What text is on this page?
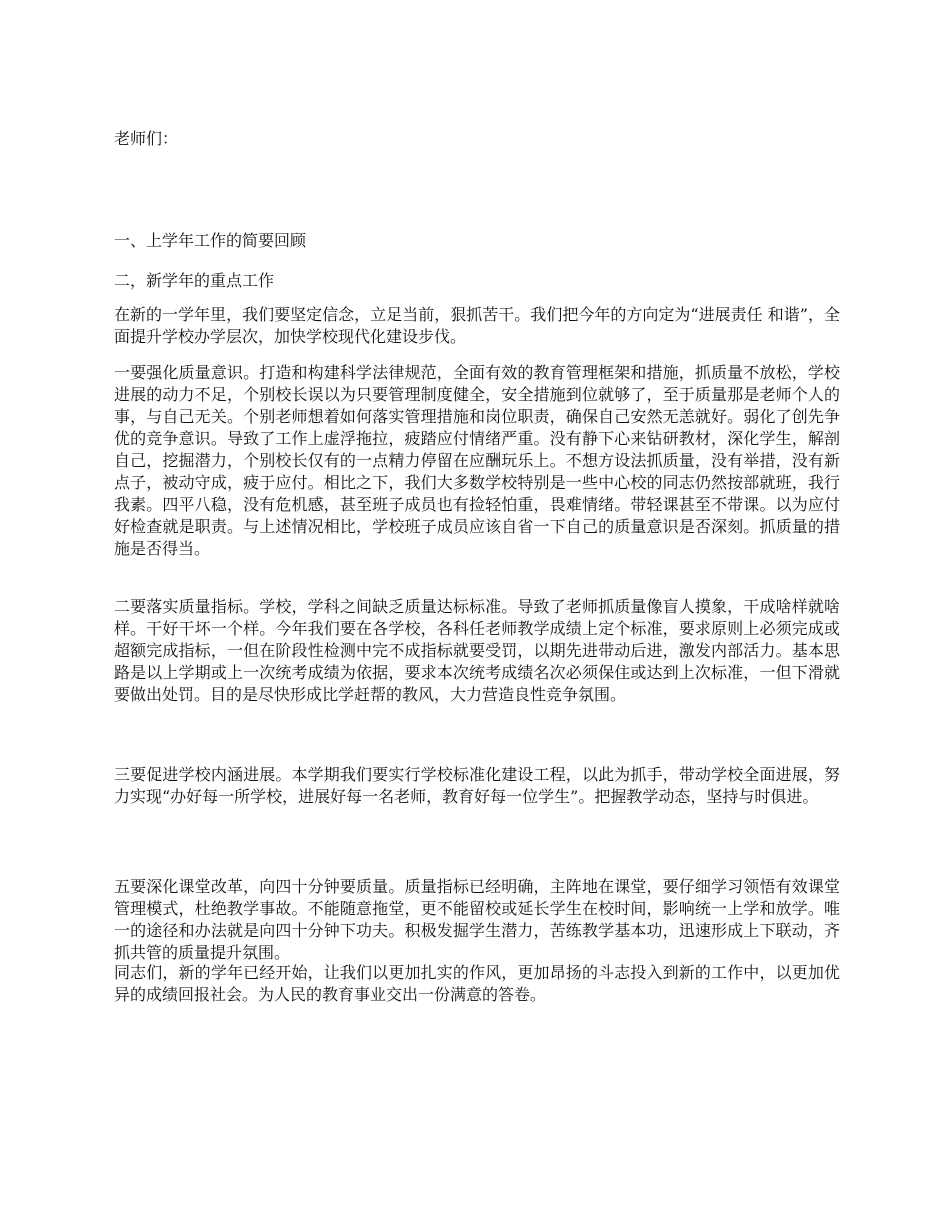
老师们：

一、上学年工作的简要回顾

二，新学年的重点工作

在新的一学年里，我们要坚定信念，立足当前，狠抓苦干。我们把今年的方向定为“进展责任 和谐”，全面提升学校办学层次，加快学校现代化建设步伐。

一要强化质量意识。打造和构建科学法律规范，全面有效的教育管理框架和措施，抓质量不放松，学校进展的动力不足，个别校长误以为只要管理制度健全，安全措施到位就够了，至于质量那是老师个人的事，与自己无关。个别老师想着如何落实管理措施和岗位职责，确保自己安然无恙就好。弱化了创先争优的竞争意识。导致了工作上虚浮拖拉，疲踏应付情绪严重。没有静下心来钻研教材，深化学生，解剖自己，挖掘潜力，个别校长仅有的一点精力停留在应酬玩乐上。不想方设法抓质量，没有举措，没有新点子，被动守成，疲于应付。相比之下，我们大多数学校特别是一些中心校的同志仍然按部就班，我行我素。四平八稳，没有危机感，甚至班子成员也有捡轻怕重，畏难情绪。带轻课甚至不带课。以为应付好检查就是职责。与上述情况相比，学校班子成员应该自省一下自己的质量意识是否深刻。抓质量的措施是否得当。

二要落实质量指标。学校，学科之间缺乏质量达标标准。导致了老师抓质量像盲人摸象，干成啥样就啥样。干好干坏一个样。今年我们要在各学校，各科任老师教学成绩上定个标准，要求原则上必须完成或超额完成指标，一但在阶段性检测中完不成指标就要受罚，以期先进带动后进，激发内部活力。基本思路是以上学期或上一次统考成绩为依据，要求本次统考成绩名次必须保住或达到上次标准，一但下滑就要做出处罚。目的是尽快形成比学赶帮的教风，大力营造良性竞争氛围。

三要促进学校内涵进展。本学期我们要实行学校标准化建设工程，以此为抓手，带动学校全面进展，努力实现“办好每一所学校，进展好每一名老师，教育好每一位学生”。把握教学动态，坚持与时俱进。

五要深化课堂改革，向四十分钟要质量。质量指标已经明确，主阵地在课堂，要仔细学习领悟有效课堂管理模式，杜绝教学事故。不能随意拖堂，更不能留校或延长学生在校时间，影响统一上学和放学。唯一的途径和办法就是向四十分钟下功夫。积极发掘学生潜力，苦练教学基本功，迅速形成上下联动，齐抓共管的质量提升氛围。

同志们，新的学年已经开始，让我们以更加扎实的作风，更加昂扬的斗志投入到新的工作中，以更加优异的成绩回报社会。为人民的教育事业交出一份满意的答卷。
